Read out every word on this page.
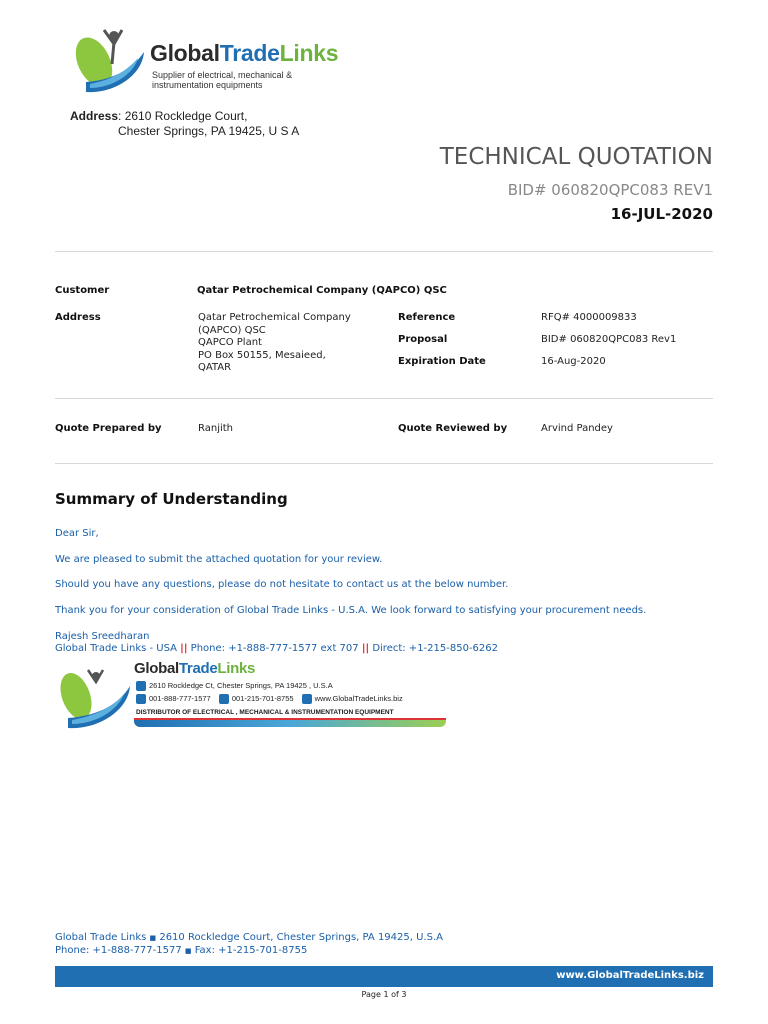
GlobalTradeLinks
Supplier of electrical, mechanical & instrumentation equipments
Address: 2610 Rockledge Court,
Chester Springs, PA 19425, U S A
TECHNICAL QUOTATION
BID# 060820QPC083 REV1
16-JUL-2020
Customer	Qatar Petrochemical Company (QAPCO) QSC
Address	Qatar Petrochemical Company
(QAPCO) QSC
QAPCO Plant
PO Box 50155, Mesaieed,
QATAR
Reference	RFQ# 4000009833
Proposal	BID# 060820QPC083 Rev1
Expiration Date	16-Aug-2020
Quote Prepared by	Ranjith	Quote Reviewed by	Arvind Pandey
Summary of Understanding
Dear Sir,
We are pleased to submit the attached quotation for your review.
Should you have any questions, please do not hesitate to contact us at the below number.
Thank you for your consideration of Global Trade Links - U.S.A. We look forward to satisfying your procurement needs.
Rajesh Sreedharan
Global Trade Links - USA || Phone: +1-888-777-1577 ext 707 || Direct: +1-215-850-6262
GlobalTradeLinks
2610 Rockledge Ct, Chester Springs, PA 19425 , U.S.A
001-888-777-1577	001-215-701-8755	www.GlobalTradeLinks.biz
DISTRIBUTOR OF ELECTRICAL , MECHANICAL & INSTRUMENTATION EQUIPMENT
Global Trade Links ■ 2610 Rockledge Court, Chester Springs, PA 19425, U.S.A
Phone: +1-888-777-1577 ■ Fax: +1-215-701-8755
www.GlobalTradeLinks.biz
Page 1 of 3
